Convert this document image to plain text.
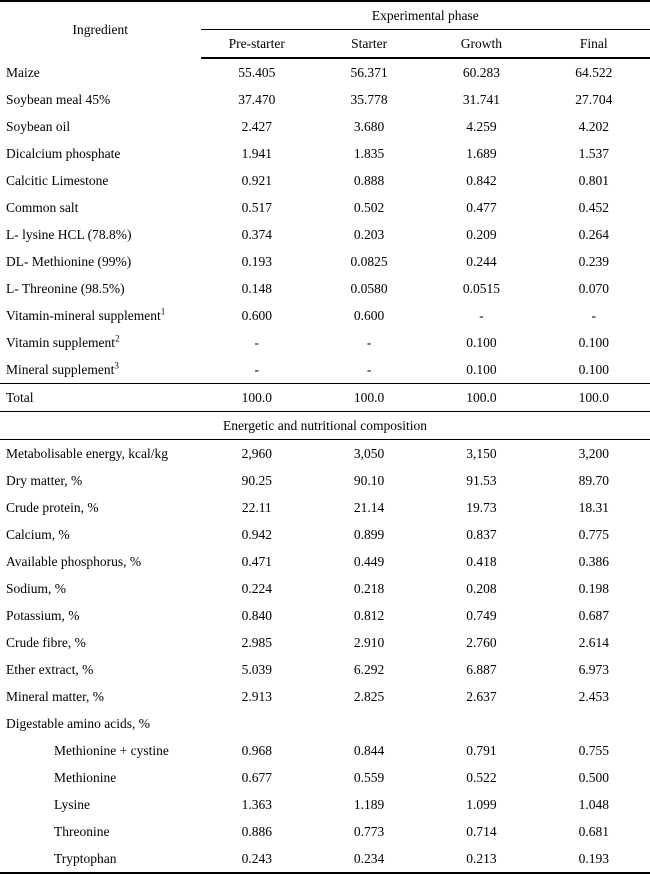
Ingredient	Experimental phase			
	Pre-starter	Starter	Growth	Final
Maize	55.405	56.371	60.283	64.522
Soybean meal 45%	37.470	35.778	31.741	27.704
Soybean oil	2.427	3.680	4.259	4.202
Dicalcium phosphate	1.941	1.835	1.689	1.537
Calcitic Limestone	0.921	0.888	0.842	0.801
Common salt	0.517	0.502	0.477	0.452
L- lysine HCL (78.8%)	0.374	0.203	0.209	0.264
DL- Methionine (99%)	0.193	0.0825	0.244	0.239
L- Threonine (98.5%)	0.148	0.0580	0.0515	0.070
Vitamin-mineral supplement$^1$	0.600	0.600	-	-
Vitamin supplement$^2$	-	-	0.100	0.100
Mineral supplement$^3$	-	-	0.100	0.100
Total	100.0	100.0	100.0	100.0
Energetic and nutritional composition				
Metabolisable energy, kcal/kg	2,960	3,050	3,150	3,200
Dry matter, %	90.25	90.10	91.53	89.70
Crude protein, %	22.11	21.14	19.73	18.31
Calcium, %	0.942	0.899	0.837	0.775
Available phosphorus, %	0.471	0.449	0.418	0.386
Sodium, %	0.224	0.218	0.208	0.198
Potassium, %	0.840	0.812	0.749	0.687
Crude fibre, %	2.985	2.910	2.760	2.614
Ether extract, %	5.039	6.292	6.887	6.973
Mineral matter, %	2.913	2.825	2.637	2.453
Digestable amino acids, %				
Methionine + cystine	0.968	0.844	0.791	0.755
Methionine	0.677	0.559	0.522	0.500
Lysine	1.363	1.189	1.099	1.048
Threonine	0.886	0.773	0.714	0.681
Tryptophan	0.243	0.234	0.213	0.193
